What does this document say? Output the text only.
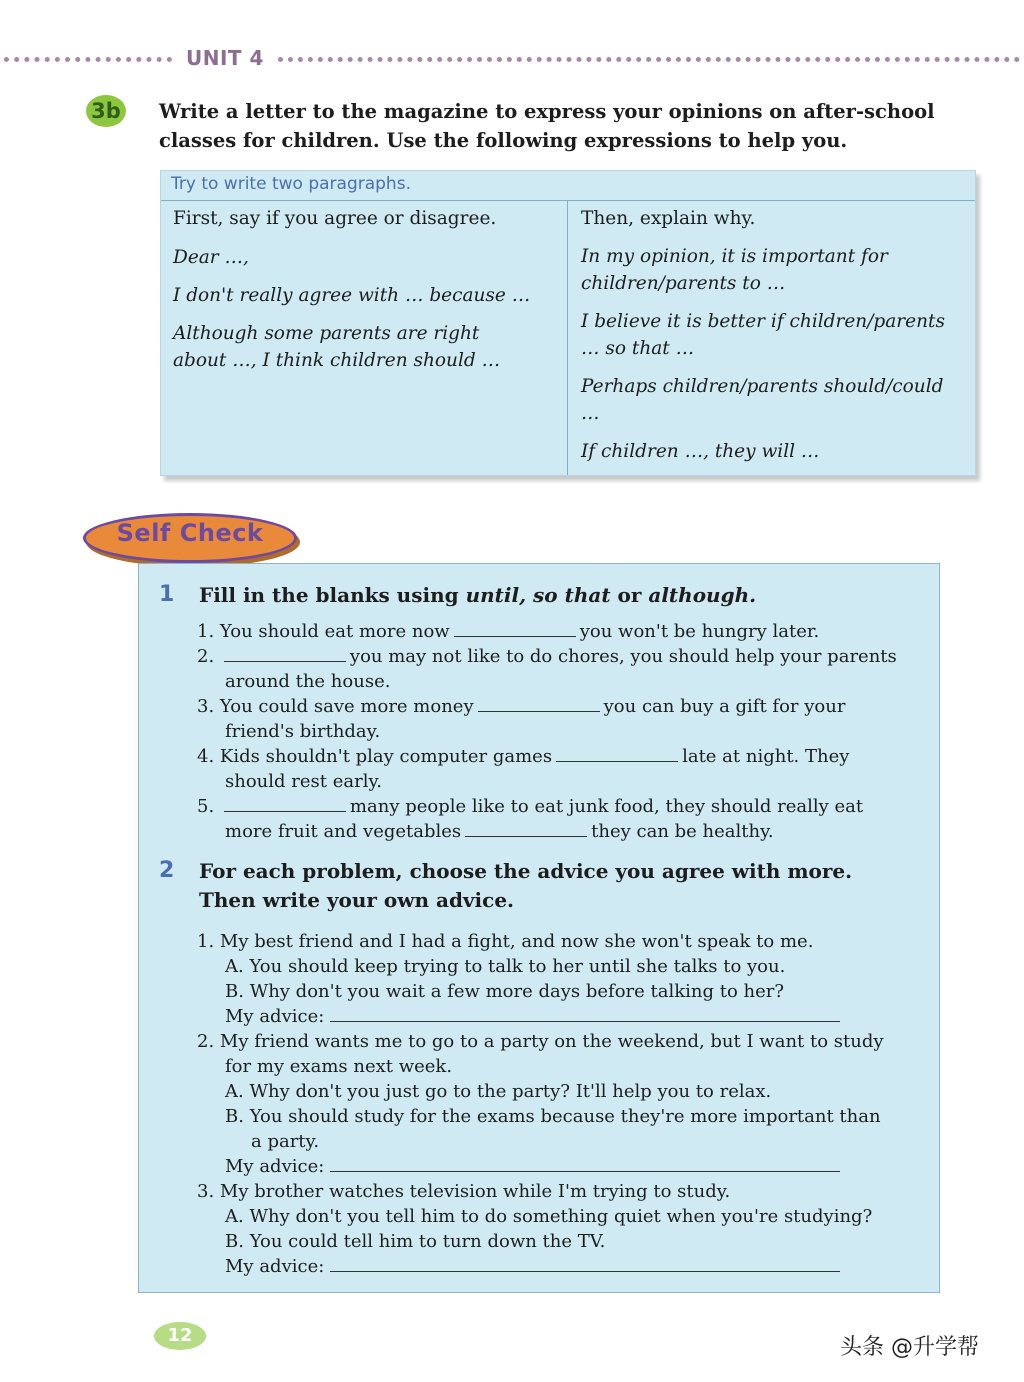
UNIT 4
3b Write a letter to the magazine to express your opinions on after-school
classes for children. Use the following expressions to help you.
Try to write two paragraphs.
First, say if you agree or disagree.
Dear …,
I don't really agree with … because …
Although some parents are right
about …, I think children should …
Then, explain why.
In my opinion, it is important for
children/parents to …
I believe it is better if children/parents
… so that …
Perhaps children/parents should/could
…
If children …, they will …
Self Check
1 Fill in the blanks using until, so that or although.
1. You should eat more now	you won't be hungry later.
2.	you may not like to do chores, you should help your parents
around the house.
3. You could save more money	you can buy a gift for your
friend's birthday.
4. Kids shouldn't play computer games	late at night. They
should rest early.
5.	many people like to eat junk food, they should really eat
more fruit and vegetables	they can be healthy.
2 For each problem, choose the advice you agree with more.
Then write your own advice.
1. My best friend and I had a fight, and now she won't speak to me.
A. You should keep trying to talk to her until she talks to you.
B. Why don't you wait a few more days before talking to her?
My advice:
2. My friend wants me to go to a party on the weekend, but I want to study
for my exams next week.
A. Why don't you just go to the party? It'll help you to relax.
B. You should study for the exams because they're more important than
a party.
My advice:
3. My brother watches television while I'm trying to study.
A. Why don't you tell him to do something quiet when you're studying?
B. You could tell him to turn down the TV.
My advice:
12	头条 @升学帮
